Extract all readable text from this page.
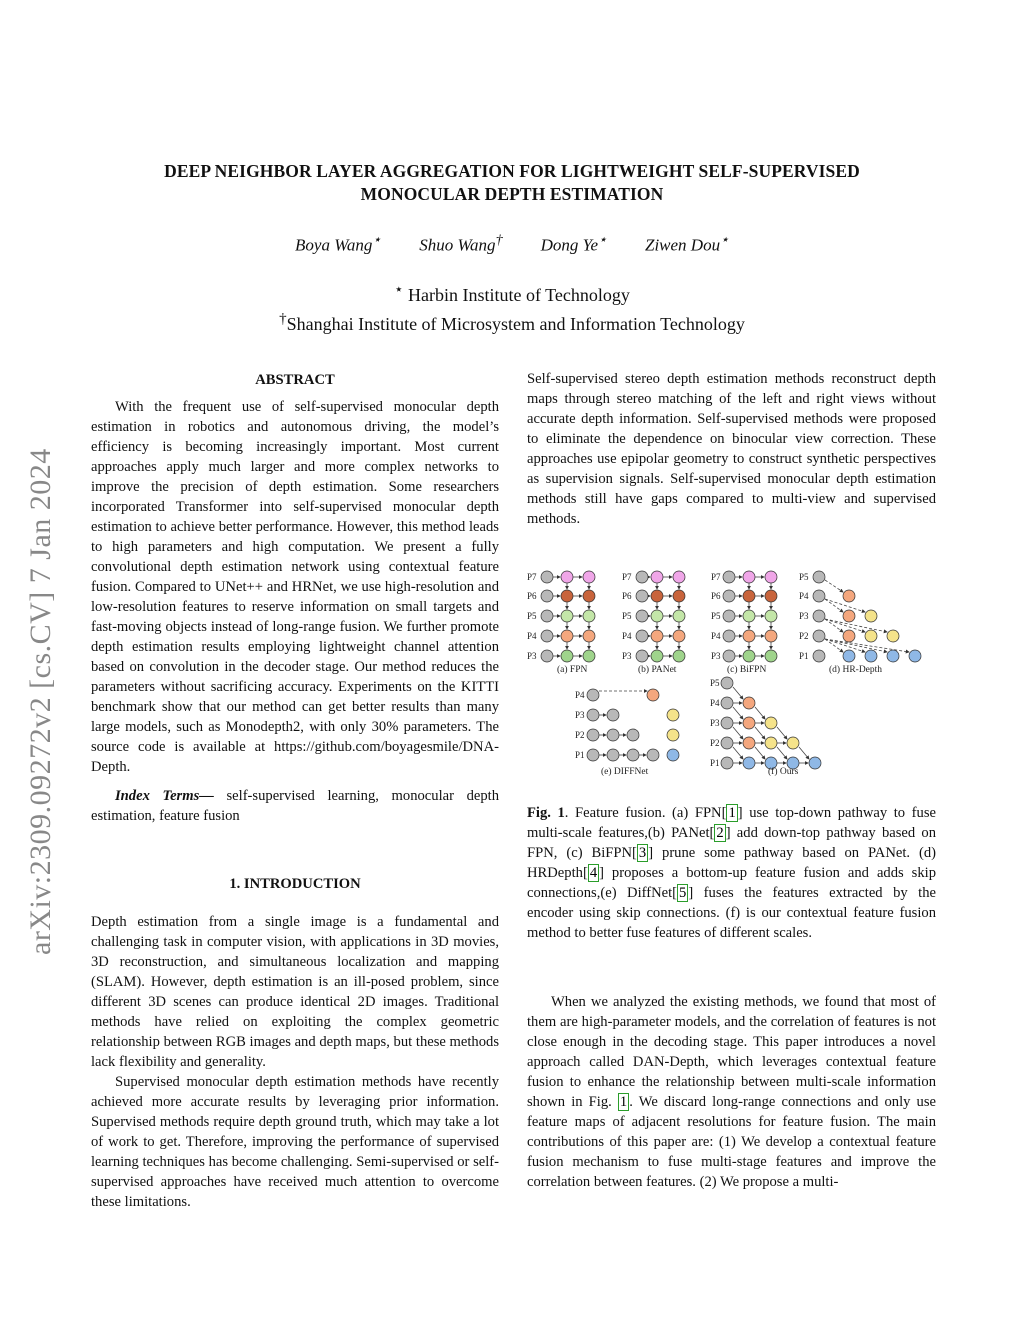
arXiv:2309.09272v2 [cs.CV] 7 Jan 2024
DEEP NEIGHBOR LAYER AGGREGATION FOR LIGHTWEIGHT SELF-SUPERVISED
MONOCULAR DEPTH ESTIMATION
Boya Wang⋆ Shuo Wang† Dong Ye⋆ Ziwen Dou⋆
⋆ Harbin Institute of Technology
†Shanghai Institute of Microsystem and Information Technology
ABSTRACT

With the frequent use of self-supervised monocular depth estimation in robotics and autonomous driving, the model’s efficiency is becoming increasingly important. Most current approaches apply much larger and more complex networks to improve the precision of depth estimation. Some researchers incorporated Transformer into self-supervised monocular depth estimation to achieve better performance. However, this method leads to high parameters and high computation. We present a fully convolutional depth estimation network using contextual feature fusion. Compared to UNet++ and HRNet, we use high-resolution and low-resolution features to reserve information on small targets and fast-moving objects instead of long-range fusion. We further promote depth estimation results employing lightweight channel attention based on convolution in the decoder stage. Our method reduces the parameters without sacrificing accuracy. Experiments on the KITTI benchmark show that our method can get better results than many large models, such as Monodepth2, with only 30% parameters. The source code is available at https://github.com/boyagesmile/DNA-Depth.

Index Terms— self-supervised learning, monocular depth estimation, feature fusion

1. INTRODUCTION

Depth estimation from a single image is a fundamental and challenging task in computer vision, with applications in 3D movies, 3D reconstruction, and simultaneous localization and mapping (SLAM). However, depth estimation is an ill-posed problem, since different 3D scenes can produce identical 2D images. Traditional methods have relied on exploiting the complex geometric relationship between RGB images and depth maps, but these methods lack flexibility and generality.

Supervised monocular depth estimation methods have recently achieved more accurate results by leveraging prior information. Supervised methods require depth ground truth, which may take a lot of work to get. Therefore, improving the performance of supervised learning techniques has become challenging. Semi-supervised or self-supervised approaches have received much attention to overcome these limitations.

Self-supervised stereo depth estimation methods reconstruct depth maps through stereo matching of the left and right views without accurate depth information. Self-supervised methods were proposed to eliminate the dependence on binocular view correction. These approaches use epipolar geometry to construct synthetic perspectives as supervision signals. Self-supervised monocular depth estimation methods still have gaps compared to multi-view and supervised methods.

P7
P6
P5
P4
P3
P7
P6
P5
P4
P3
P7
P6
P5
P4
P3
P5
P4
P3
P2
P1
P4
P3
P2
P1
P5
P4
P3
P2
P1
(a) FPN	(b) PANet	(c) BiFPN	(d) HR-Depth
(e) DIFFNet	(f) Ours
Fig. 1. Feature fusion. (a) FPN[ 1 ] use top-down pathway to fuse multi-scale features,(b) PANet[ 2 ] add down-top pathway based on FPN, (c) BiFPN[ 3 ] prune some pathway based on PANet. (d) HRDepth[ 4 ] proposes a bottom-up feature fusion and adds skip connections,(e) DiffNet[ 5 ] fuses the features extracted by the encoder using skip connections. (f) is our contextual feature fusion method to better fuse features of different scales.

When we analyzed the existing methods, we found that most of them are high-parameter models, and the correlation of features is not close enough in the decoding stage. This paper introduces a novel approach called DAN-Depth, which leverages contextual feature fusion to enhance the relationship between multi-scale information shown in Fig. 1 . We discard long-range connections and only use feature maps of adjacent resolutions for feature fusion. The main contributions of this paper are: (1) We develop a contextual feature fusion mechanism to fuse multi-stage features and improve the correlation between features. (2) We propose a multi-
